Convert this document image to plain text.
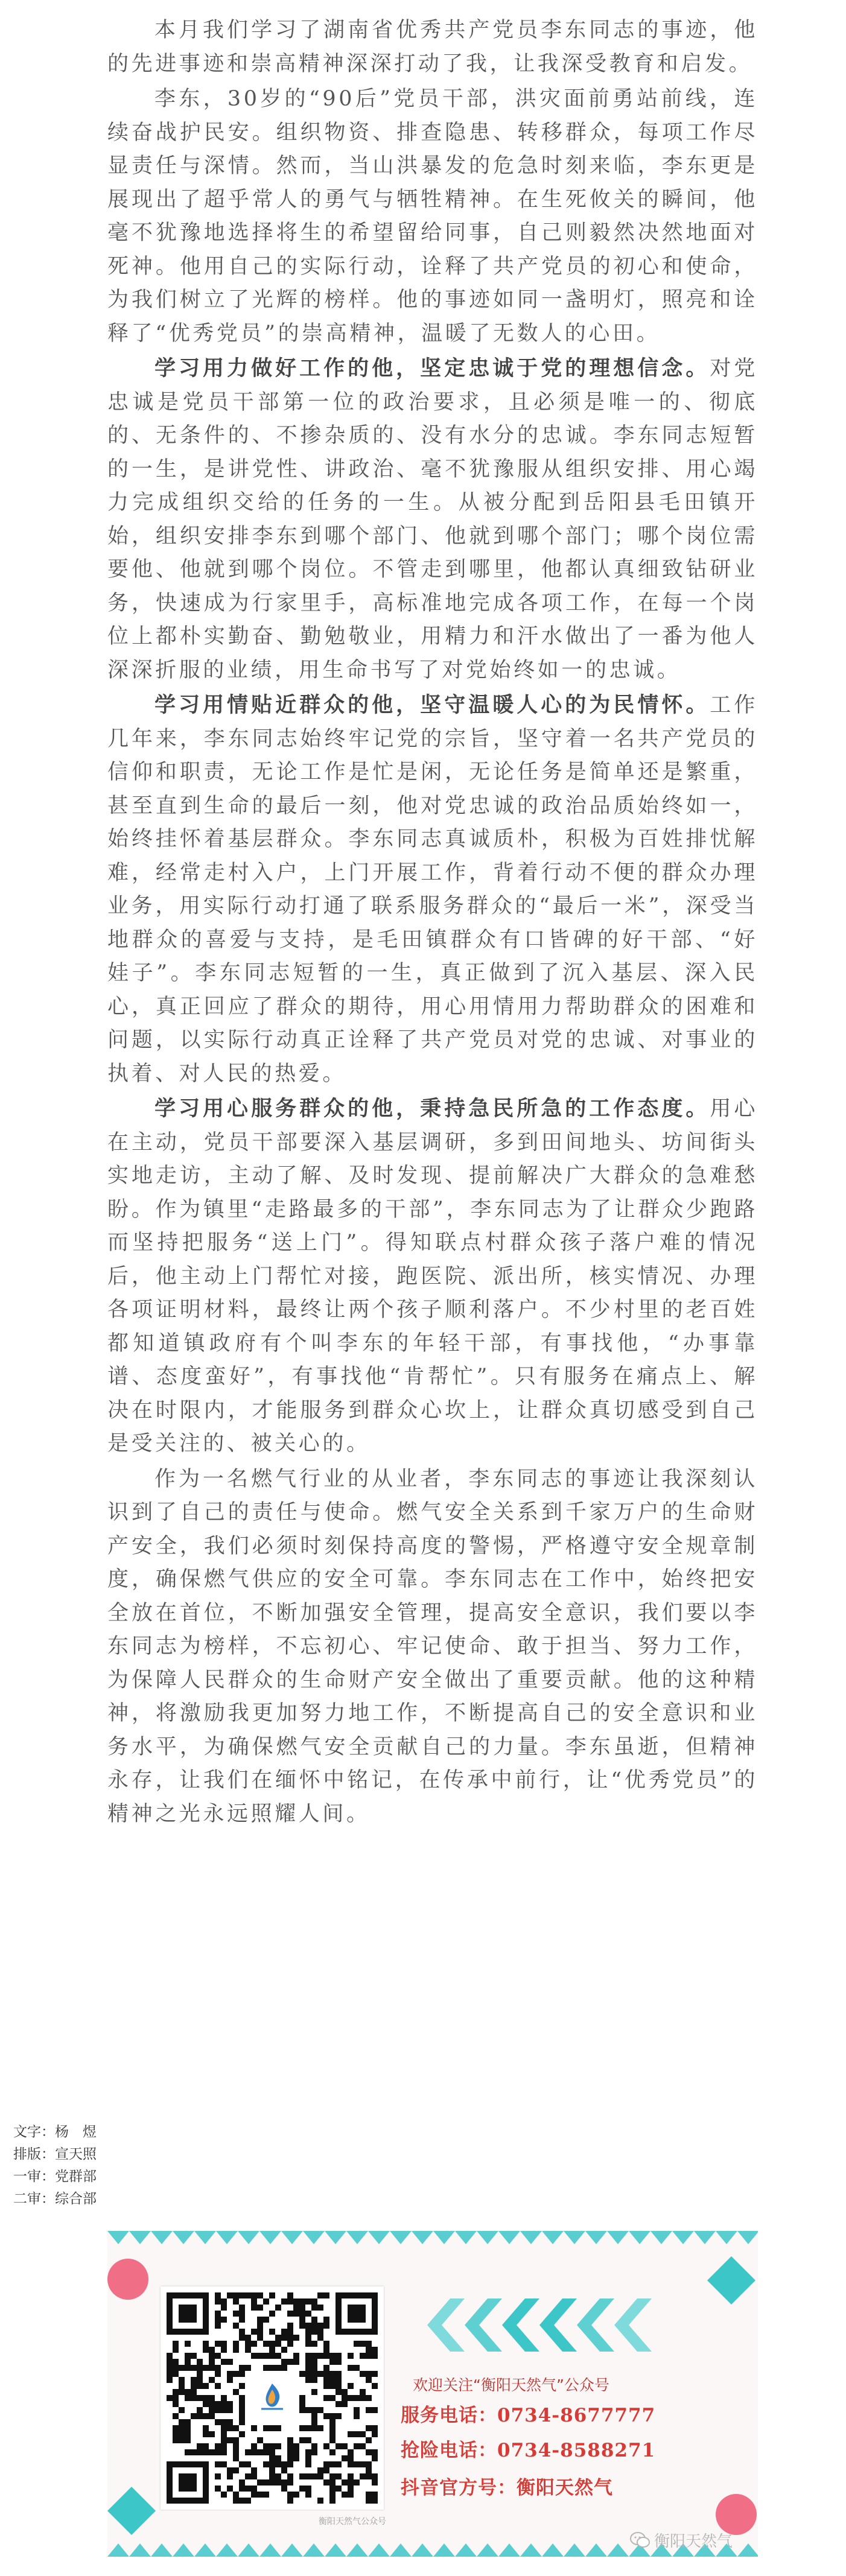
本月我们学习了湖南省优秀共产党员李东同志的事迹，他的先进事迹和崇高精神深深打动了我，让我深受教育和启发。

李东，30岁的“90后”党员干部，洪灾面前勇站前线，连续奋战护民安。组织物资、排查隐患、转移群众，每项工作尽显责任与深情。然而，当山洪暴发的危急时刻来临，李东更是展现出了超乎常人的勇气与牺牲精神。在生死攸关的瞬间，他毫不犹豫地选择将生的希望留给同事，自己则毅然决然地面对死神。他用自己的实际行动，诠释了共产党员的初心和使命，为我们树立了光辉的榜样。他的事迹如同一盏明灯，照亮和诠释了“优秀党员”的崇高精神，温暖了无数人的心田。

学习用力做好工作的他，坚定忠诚于党的理想信念。对党忠诚是党员干部第一位的政治要求，且必须是唯一的、彻底的、无条件的、不掺杂质的、没有水分的忠诚。李东同志短暂的一生，是讲党性、讲政治、毫不犹豫服从组织安排、用心竭力完成组织交给的任务的一生。从被分配到岳阳县毛田镇开始，组织安排李东到哪个部门、他就到哪个部门；哪个岗位需要他、他就到哪个岗位。不管走到哪里，他都认真细致钻研业务，快速成为行家里手，高标准地完成各项工作，在每一个岗位上都朴实勤奋、勤勉敬业，用精力和汗水做出了一番为他人深深折服的业绩，用生命书写了对党始终如一的忠诚。

学习用情贴近群众的他，坚守温暖人心的为民情怀。工作几年来，李东同志始终牢记党的宗旨，坚守着一名共产党员的信仰和职责，无论工作是忙是闲，无论任务是简单还是繁重，甚至直到生命的最后一刻，他对党忠诚的政治品质始终如一，始终挂怀着基层群众。李东同志真诚质朴，积极为百姓排忧解难，经常走村入户，上门开展工作，背着行动不便的群众办理业务，用实际行动打通了联系服务群众的“最后一米”，深受当地群众的喜爱与支持，是毛田镇群众有口皆碑的好干部、“好娃子”。李东同志短暂的一生，真正做到了沉入基层、深入民心，真正回应了群众的期待，用心用情用力帮助群众的困难和问题，以实际行动真正诠释了共产党员对党的忠诚、对事业的执着、对人民的热爱。

学习用心服务群众的他，秉持急民所急的工作态度。用心在主动，党员干部要深入基层调研，多到田间地头、坊间街头实地走访，主动了解、及时发现、提前解决广大群众的急难愁盼。作为镇里“走路最多的干部”，李东同志为了让群众少跑路而坚持把服务“送上门”。得知联点村群众孩子落户难的情况后，他主动上门帮忙对接，跑医院、派出所，核实情况、办理各项证明材料，最终让两个孩子顺利落户。不少村里的老百姓都知道镇政府有个叫李东的年轻干部，有事找他，“办事靠谱、态度蛮好”，有事找他“肯帮忙”。只有服务在痛点上、解决在时限内，才能服务到群众心坎上，让群众真切感受到自己是受关注的、被关心的。

作为一名燃气行业的从业者，李东同志的事迹让我深刻认识到了自己的责任与使命。燃气安全关系到千家万户的生命财产安全，我们必须时刻保持高度的警惕，严格遵守安全规章制度，确保燃气供应的安全可靠。李东同志在工作中，始终把安全放在首位，不断加强安全管理，提高安全意识，我们要以李东同志为榜样，不忘初心、牢记使命、敢于担当、努力工作，为保障人民群众的生命财产安全做出了重要贡献。他的这种精神，将激励我更加努力地工作，不断提高自己的安全意识和业务水平，为确保燃气安全贡献自己的力量。李东虽逝，但精神永存，让我们在缅怀中铭记，在传承中前行，让“优秀党员”的精神之光永远照耀人间。

文字：杨　煜
排版：宣天照
一审：党群部
二审：综合部
衡阳天然气公众号
欢迎关注“衡阳天然气”公众号
服务电话：0734-8677777
抢险电话：0734-8588271
抖音官方号：衡阳天然气
衡阳天然气
